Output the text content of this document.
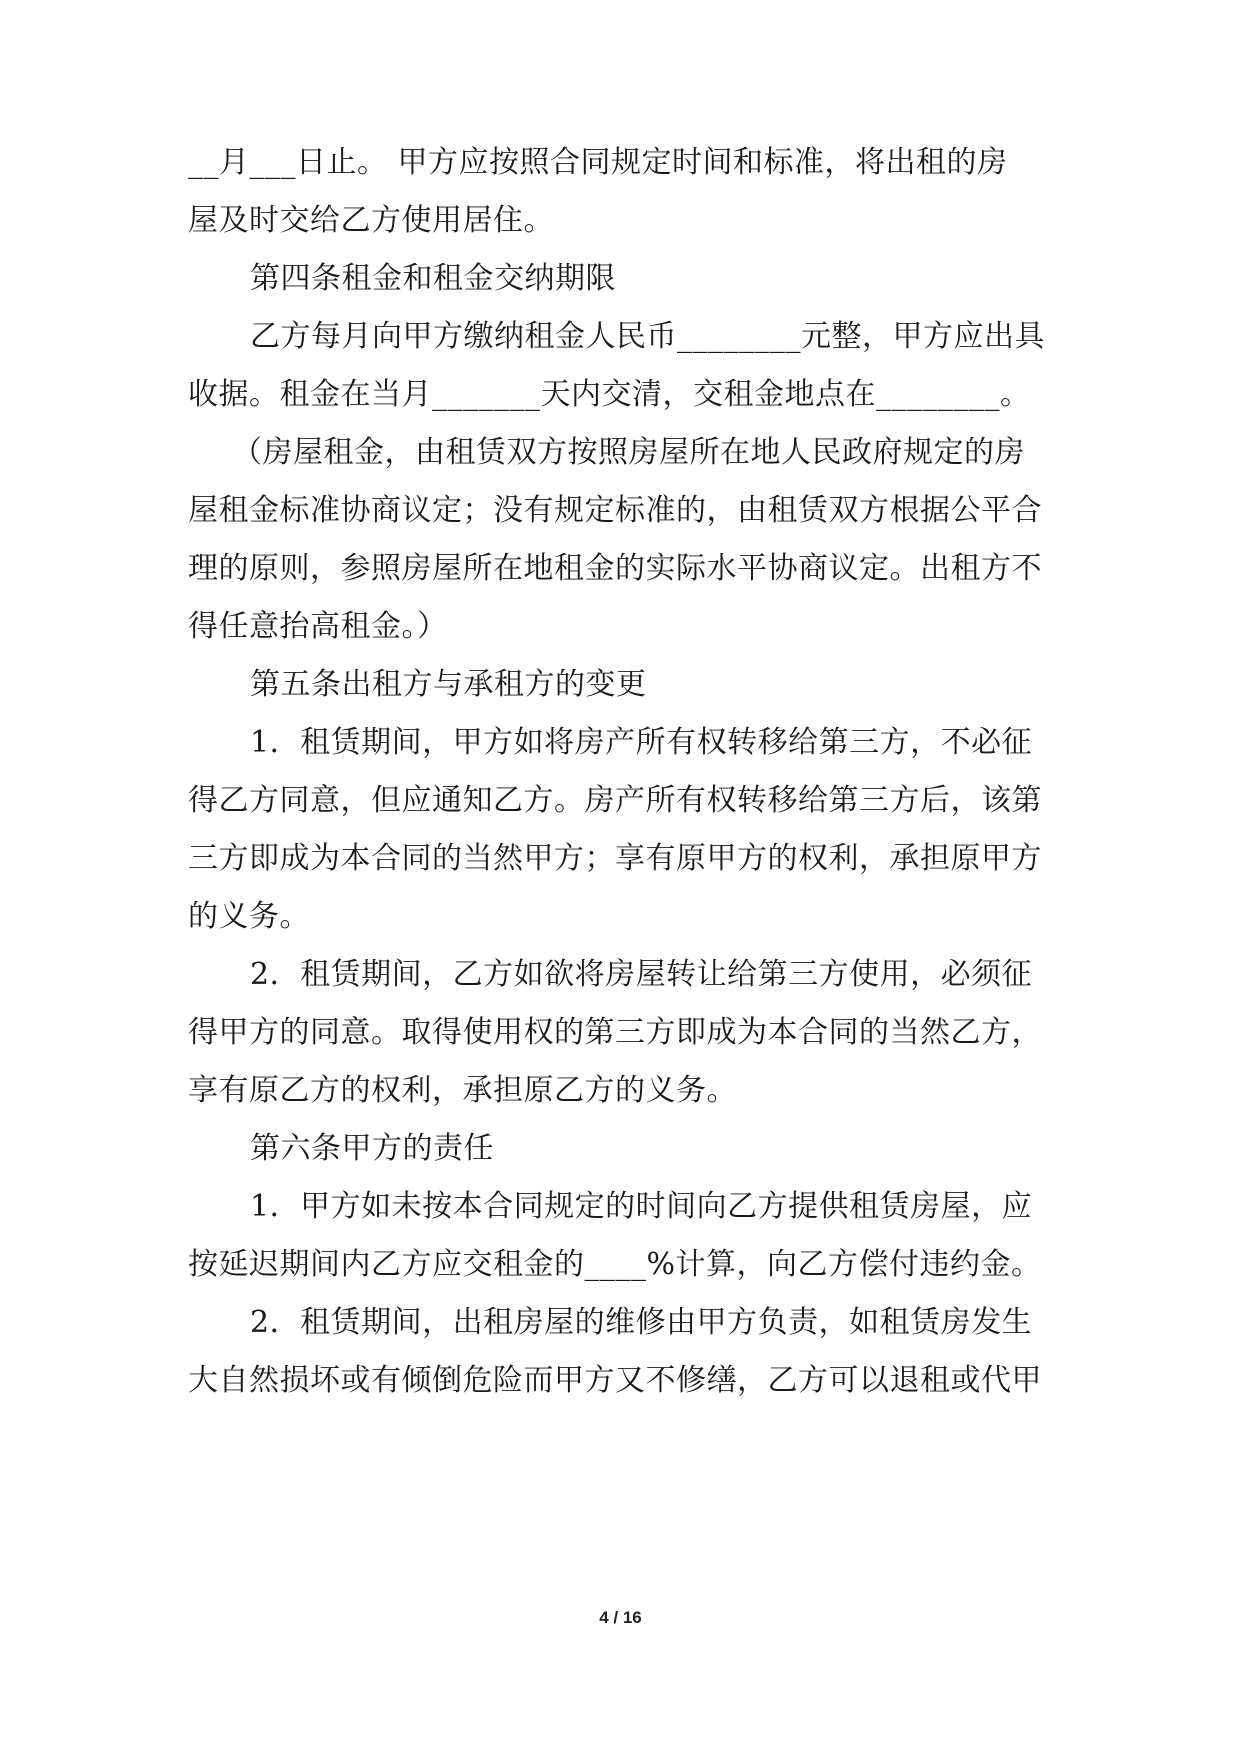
__月___日止。 甲方应按照合同规定时间和标准，将出租的房
屋及时交给乙方使用居住。
第四条租金和租金交纳期限
乙方每月向甲方缴纳租金人民币________元整，甲方应出具
收据。租金在当月_______天内交清，交租金地点在________。
（房屋租金，由租赁双方按照房屋所在地人民政府规定的房
屋租金标准协商议定；没有规定标准的，由租赁双方根据公平合
理的原则，参照房屋所在地租金的实际水平协商议定。出租方不
得任意抬高租金。）
第五条出租方与承租方的变更
1．租赁期间，甲方如将房产所有权转移给第三方，不必征
得乙方同意，但应通知乙方。房产所有权转移给第三方后，该第
三方即成为本合同的当然甲方；享有原甲方的权利，承担原甲方
的义务。
2．租赁期间，乙方如欲将房屋转让给第三方使用，必须征
得甲方的同意。取得使用权的第三方即成为本合同的当然乙方，
享有原乙方的权利，承担原乙方的义务。
第六条甲方的责任
1．甲方如未按本合同规定的时间向乙方提供租赁房屋，应
按延迟期间内乙方应交租金的____%计算，向乙方偿付违约金。
2．租赁期间，出租房屋的维修由甲方负责，如租赁房发生
大自然损坏或有倾倒危险而甲方又不修缮，乙方可以退租或代甲
4 / 16
